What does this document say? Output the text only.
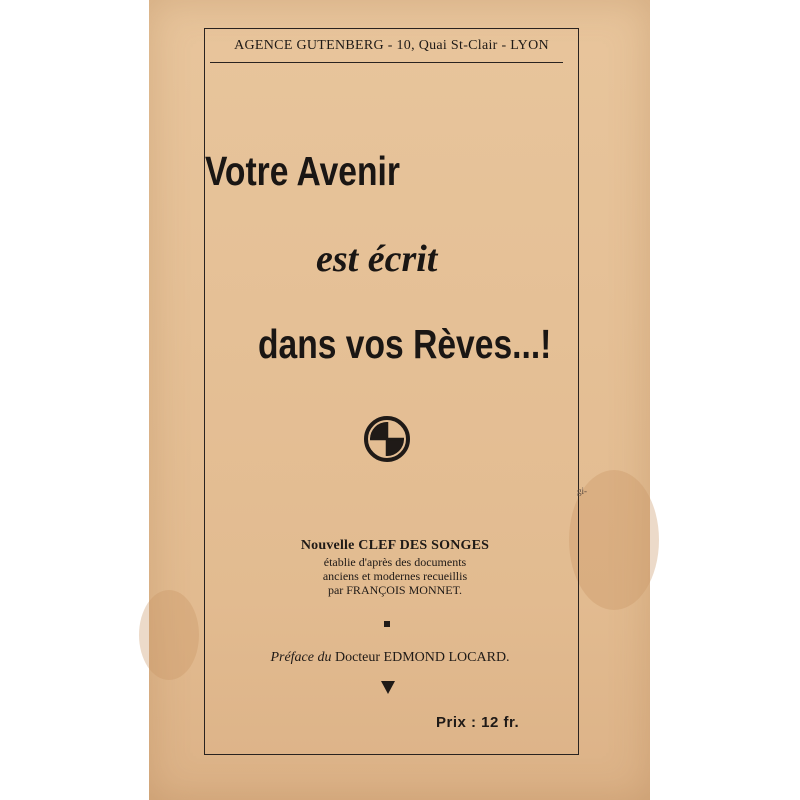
AGENCE GUTENBERG - 10, Quai St-Clair - LYON
Votre Avenir
est écrit
dans vos Rèves...!
Nouvelle CLEF DES SONGES
établie d'après des documents
anciens et modernes recueillis
par FRANÇOIS MONNET.
Préface du Docteur EDMOND LOCARD.
Prix : 12 fr.
gi-
